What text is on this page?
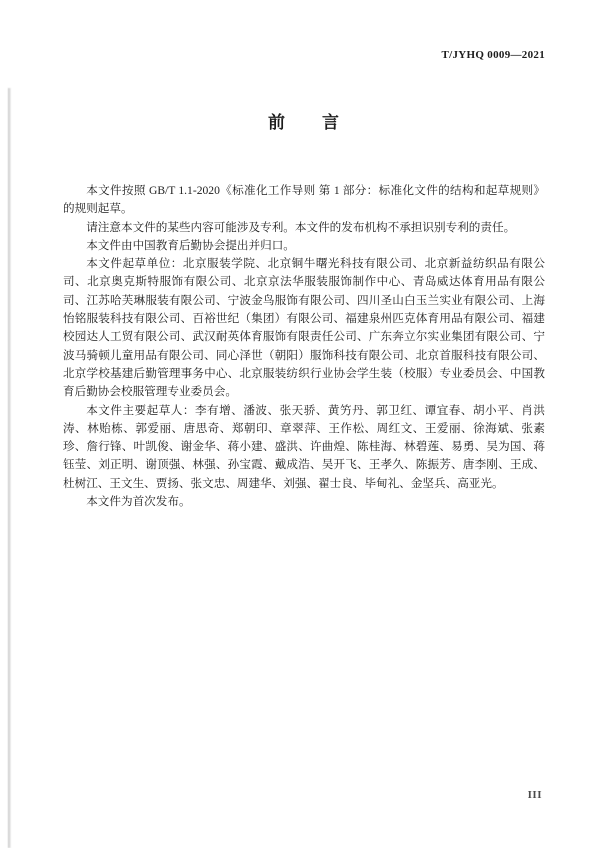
T/JYHQ 0009—2021
前　　言

本文件按照 GB/T 1.1-2020《标准化工作导则 第 1 部分：标准化文件的结构和起草规则》的规则起草。

请注意本文件的某些内容可能涉及专利。本文件的发布机构不承担识别专利的责任。

本文件由中国教育后勤协会提出并归口。

本文件起草单位：北京服装学院、北京铜牛曙光科技有限公司、北京新益纺织品有限公司、北京奥克斯特服饰有限公司、北京京法华服装服饰制作中心、青岛威达体育用品有限公司、江苏哈芙琳服装有限公司、宁波金鸟服饰有限公司、四川圣山白玉兰实业有限公司、上海怡铭服装科技有限公司、百裕世纪（集团）有限公司、福建泉州匹克体育用品有限公司、福建校园达人工贸有限公司、武汉耐英体育服饰有限责任公司、广东奔立尔实业集团有限公司、宁波马骑顿儿童用品有限公司、同心泽世（朝阳）服饰科技有限公司、北京首服科技有限公司、北京学校基建后勤管理事务中心、北京服装纺织行业协会学生装（校服）专业委员会、中国教育后勤协会校服管理专业委员会。

本文件主要起草人：李有增、潘波、张天骄、黄竻丹、郭卫红、谭宜春、胡小平、肖洪涛、林贻栋、郭爱丽、唐思奇、郑朝印、章翠萍、王作松、周红文、王爱丽、徐海斌、张素珍、詹行锋、叶凯俊、谢金华、蒋小建、盛洪、许曲煌、陈桂海、林碧莲、易勇、吴为国、蒋钰莹、刘正明、谢顶强、林强、孙宝霞、戴成浩、吴开飞、王孝久、陈振芳、唐李刚、王成、杜树江、王文生、贾扬、张文忠、周建华、刘强、翟士良、毕甸礼、金坚兵、高亚光。

本文件为首次发布。

III
